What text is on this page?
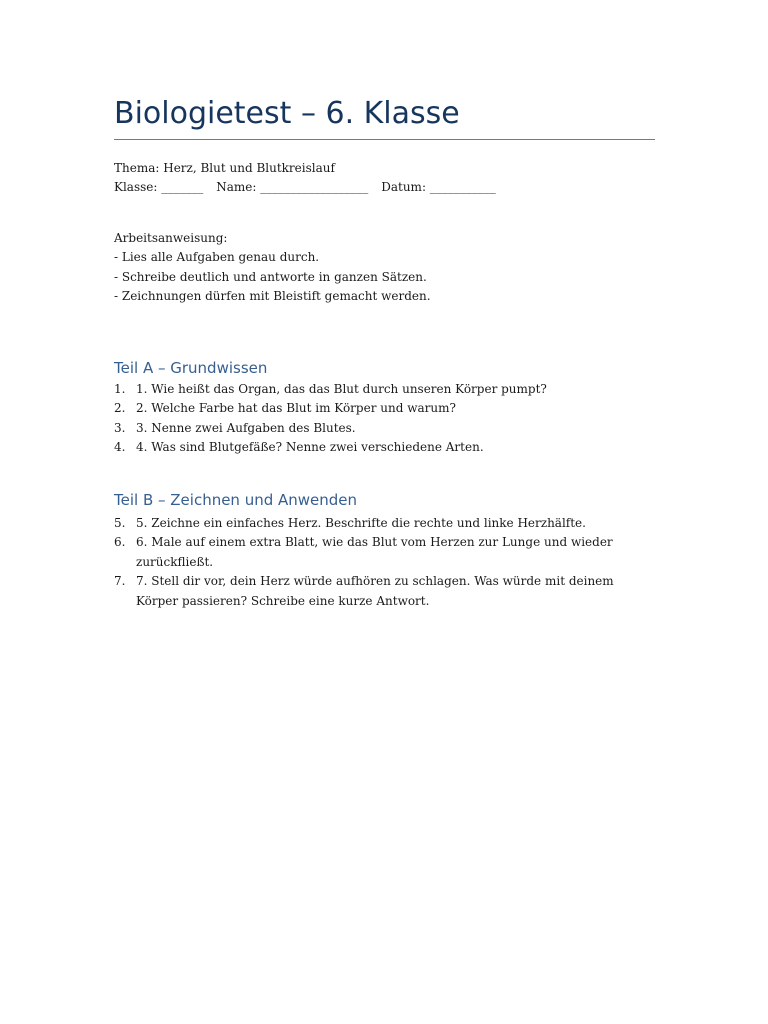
Biologietest – 6. Klasse
Thema: Herz, Blut und Blutkreislauf
Klasse: _______ Name: __________________ Datum: ___________
Arbeitsanweisung:
- Lies alle Aufgaben genau durch.
- Schreibe deutlich und antworte in ganzen Sätzen.
- Zeichnungen dürfen mit Bleistift gemacht werden.
Teil A – Grundwissen
1. 1. Wie heißt das Organ, das das Blut durch unseren Körper pumpt?
2. 2. Welche Farbe hat das Blut im Körper und warum?
3. 3. Nenne zwei Aufgaben des Blutes.
4. 4. Was sind Blutgefäße? Nenne zwei verschiedene Arten.
Teil B – Zeichnen und Anwenden
5. 5. Zeichne ein einfaches Herz. Beschrifte die rechte und linke Herzhälfte.
6. 6. Male auf einem extra Blatt, wie das Blut vom Herzen zur Lunge und wieder zurückfließt.
7. 7. Stell dir vor, dein Herz würde aufhören zu schlagen. Was würde mit deinem Körper passieren? Schreibe eine kurze Antwort.
